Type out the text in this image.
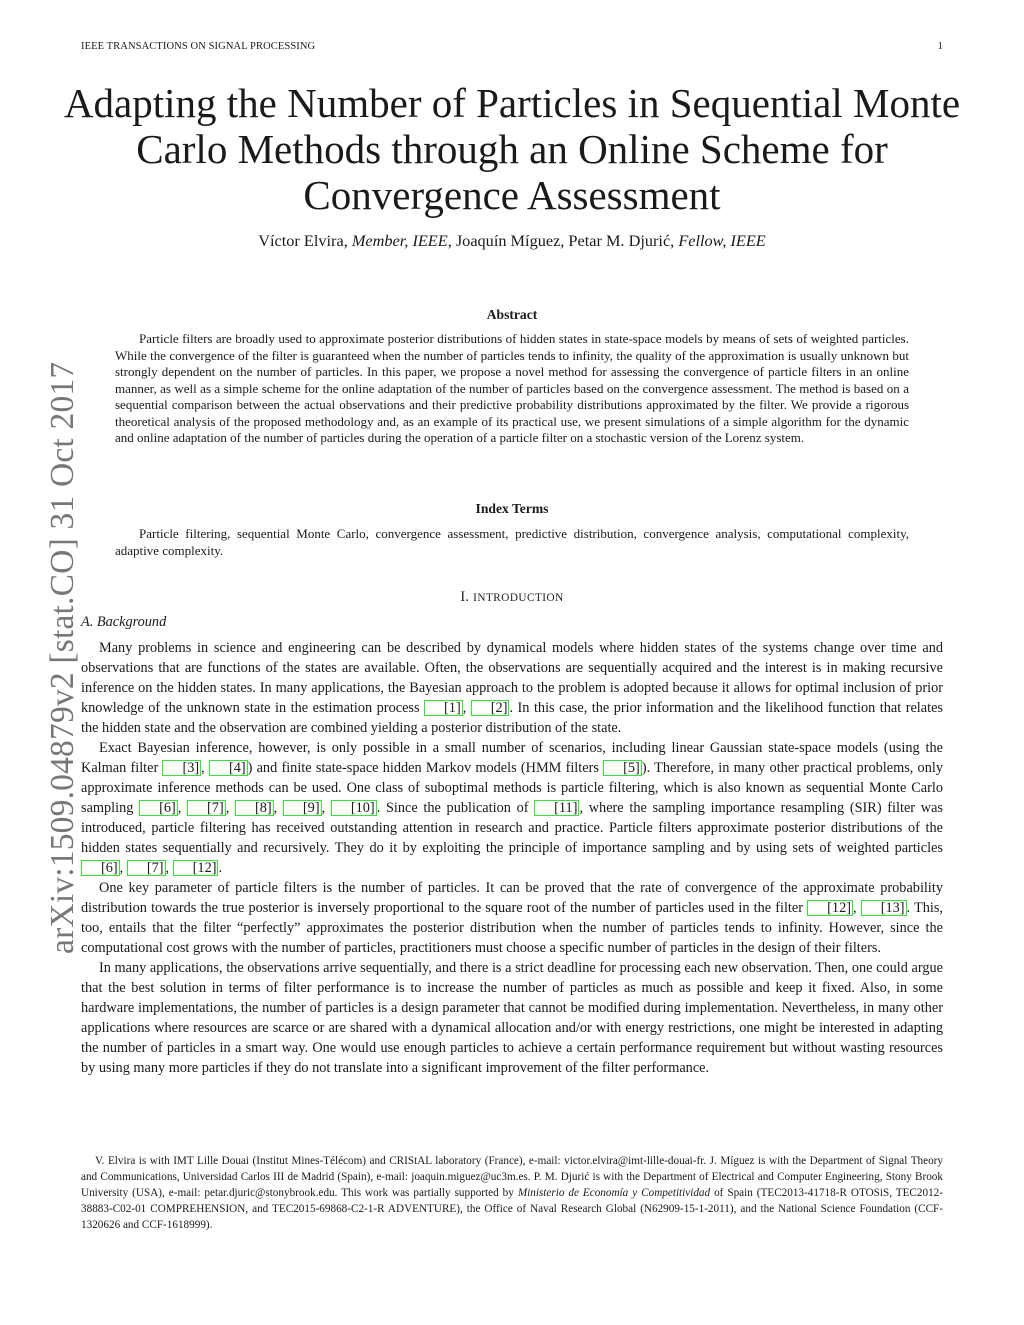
IEEE TRANSACTIONS ON SIGNAL PROCESSING	1
arXiv:1509.04879v2 [stat.CO] 31 Oct 2017
Adapting the Number of Particles in Sequential Monte Carlo Methods through an Online Scheme for Convergence Assessment
Víctor Elvira, Member, IEEE, Joaquín Míguez, Petar M. Djurić, Fellow, IEEE
Abstract

Particle filters are broadly used to approximate posterior distributions of hidden states in state-space models by means of sets of weighted particles. While the convergence of the filter is guaranteed when the number of particles tends to infinity, the quality of the approximation is usually unknown but strongly dependent on the number of particles. In this paper, we propose a novel method for assessing the convergence of particle filters in an online manner, as well as a simple scheme for the online adaptation of the number of particles based on the convergence assessment. The method is based on a sequential comparison between the actual observations and their predictive probability distributions approximated by the filter. We provide a rigorous theoretical analysis of the proposed methodology and, as an example of its practical use, we present simulations of a simple algorithm for the dynamic and online adaptation of the number of particles during the operation of a particle filter on a stochastic version of the Lorenz system.

Index Terms

Particle filtering, sequential Monte Carlo, convergence assessment, predictive distribution, convergence analysis, computational complexity, adaptive complexity.

I. INTRODUCTION
A. Background

Many problems in science and engineering can be described by dynamical models where hidden states of the systems change over time and observations that are functions of the states are available. Often, the observations are sequentially acquired and the interest is in making recursive inference on the hidden states. In many applications, the Bayesian approach to the problem is adopted because it allows for optimal inclusion of prior knowledge of the unknown state in the estimation process [1] , [2] . In this case, the prior information and the likelihood function that relates the hidden state and the observation are combined yielding a posterior distribution of the state.

Exact Bayesian inference, however, is only possible in a small number of scenarios, including linear Gaussian state-space models (using the Kalman filter [3] , [4] ) and finite state-space hidden Markov models (HMM filters [5] ). Therefore, in many other practical problems, only approximate inference methods can be used. One class of suboptimal methods is particle filtering, which is also known as sequential Monte Carlo sampling [6] , [7] , [8] , [9] , [10] . Since the publication of [11] , where the sampling importance resampling (SIR) filter was introduced, particle filtering has received outstanding attention in research and practice. Particle filters approximate posterior distributions of the hidden states sequentially and recursively. They do it by exploiting the principle of importance sampling and by using sets of weighted particles [6] , [7] , [12] .

One key parameter of particle filters is the number of particles. It can be proved that the rate of convergence of the approximate probability distribution towards the true posterior is inversely proportional to the square root of the number of particles used in the filter [12] , [13] . This, too, entails that the filter “perfectly” approximates the posterior distribution when the number of particles tends to infinity. However, since the computational cost grows with the number of particles, practitioners must choose a specific number of particles in the design of their filters.

In many applications, the observations arrive sequentially, and there is a strict deadline for processing each new observation. Then, one could argue that the best solution in terms of filter performance is to increase the number of particles as much as possible and keep it fixed. Also, in some hardware implementations, the number of particles is a design parameter that cannot be modified during implementation. Nevertheless, in many other applications where resources are scarce or are shared with a dynamical allocation and/or with energy restrictions, one might be interested in adapting the number of particles in a smart way. One would use enough particles to achieve a certain performance requirement but without wasting resources by using many more particles if they do not translate into a significant improvement of the filter performance.

V. Elvira is with IMT Lille Douai (Institut Mines-Télécom) and CRIStAL laboratory (France), e-mail: victor.elvira@imt-lille-douai-fr. J. Míguez is with the Department of Signal Theory and Communications, Universidad Carlos III de Madrid (Spain), e-mail: joaquin.miguez@uc3m.es. P. M. Djurić is with the Department of Electrical and Computer Engineering, Stony Brook University (USA), e-mail: petar.djuric@stonybrook.edu. This work was partially supported by Ministerio de Economía y Competitividad of Spain (TEC2013-41718-R OTOSiS, TEC2012-38883-C02-01 COMPREHENSION, and TEC2015-69868-C2-1-R ADVENTURE), the Office of Naval Research Global (N62909-15-1-2011), and the National Science Foundation (CCF-1320626 and CCF-1618999).
